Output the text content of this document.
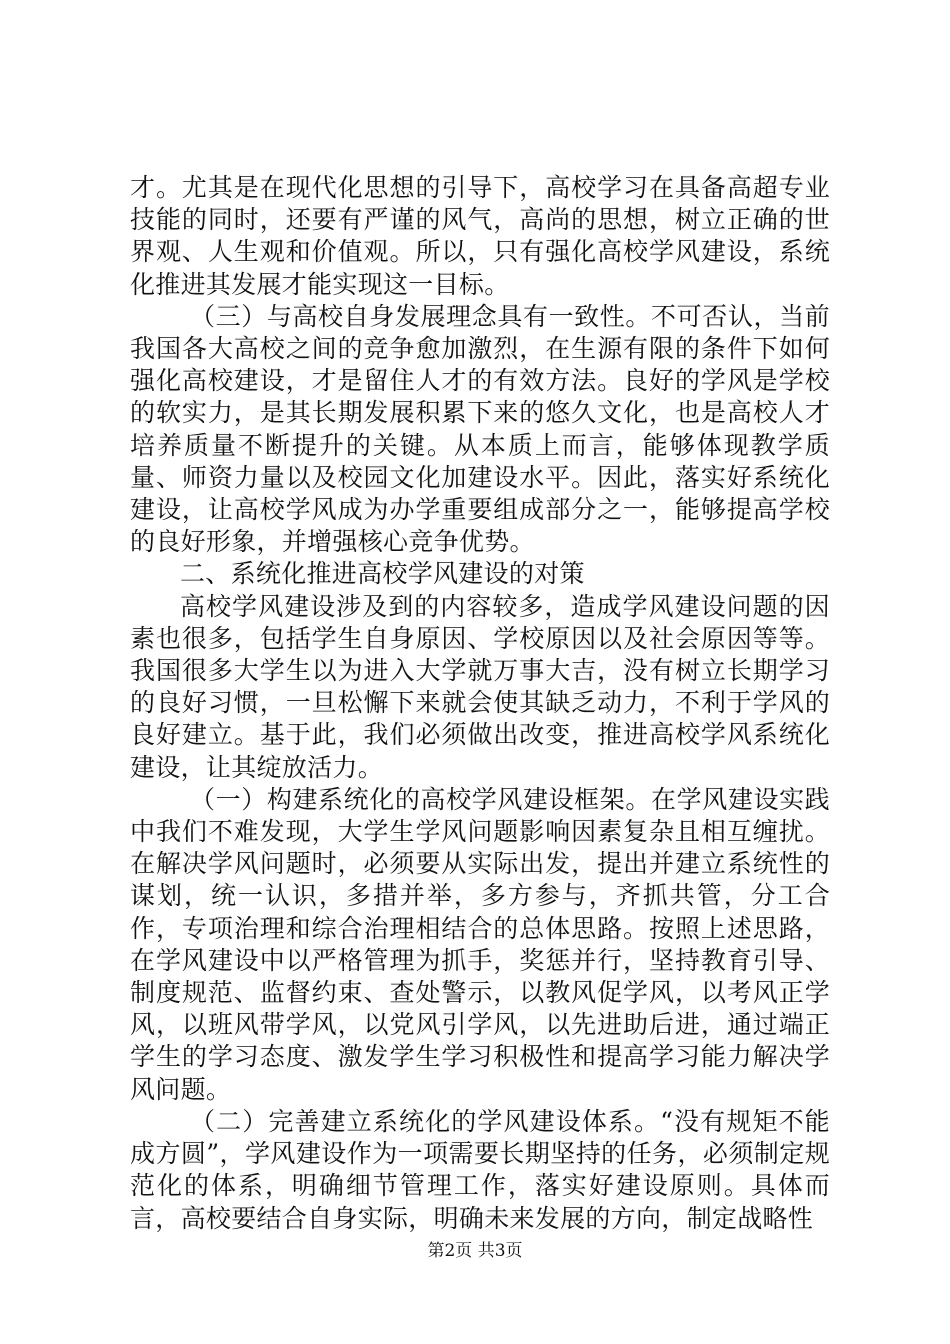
才。尤其是在现代化思想的引导下，高校学习在具备高超专业技能的同时，还要有严谨的风气，高尚的思想，树立正确的世界观、人生观和价值观。所以，只有强化高校学风建设，系统化推进其发展才能实现这一目标。

（三）与高校自身发展理念具有一致性。不可否认，当前我国各大高校之间的竞争愈加激烈，在生源有限的条件下如何强化高校建设，才是留住人才的有效方法。良好的学风是学校的软实力，是其长期发展积累下来的悠久文化，也是高校人才培养质量不断提升的关键。从本质上而言，能够体现教学质量、师资力量以及校园文化加建设水平。因此，落实好系统化建设，让高校学风成为办学重要组成部分之一，能够提高学校的良好形象，并增强核心竞争优势。

二、系统化推进高校学风建设的对策

高校学风建设涉及到的内容较多，造成学风建设问题的因素也很多，包括学生自身原因、学校原因以及社会原因等等。我国很多大学生以为进入大学就万事大吉，没有树立长期学习的良好习惯，一旦松懈下来就会使其缺乏动力，不利于学风的良好建立。基于此，我们必须做出改变，推进高校学风系统化建设，让其绽放活力。

（一）构建系统化的高校学风建设框架。在学风建设实践中我们不难发现，大学生学风问题影响因素复杂且相互缠扰。在解决学风问题时，必须要从实际出发，提出并建立系统性的谋划，统一认识，多措并举，多方参与，齐抓共管，分工合作，专项治理和综合治理相结合的总体思路。按照上述思路，在学风建设中以严格管理为抓手，奖惩并行，坚持教育引导、制度规范、监督约束、查处警示，以教风促学风，以考风正学风，以班风带学风，以党风引学风，以先进助后进，通过端正学生的学习态度、激发学生学习积极性和提高学习能力解决学风问题。

（二）完善建立系统化的学风建设体系。“没有规矩不能成方圆”，学风建设作为一项需要长期坚持的任务，必须制定规范化的体系，明确细节管理工作，落实好建设原则。具体而言，高校要结合自身实际，明确未来发展的方向，制定战略性

第2页 共3页
